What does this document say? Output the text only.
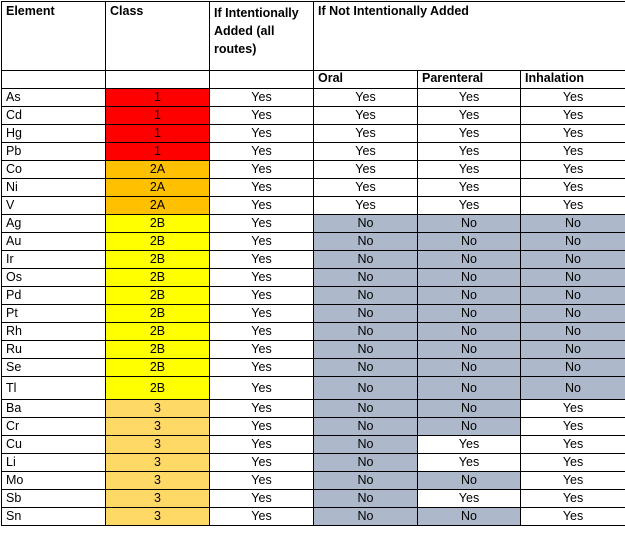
Element	Class	If Intentionally Added (all routes)	If Not Intentionally Added		
			Oral	Parenteral	Inhalation
As	1	Yes	Yes	Yes	Yes
Cd	1	Yes	Yes	Yes	Yes
Hg	1	Yes	Yes	Yes	Yes
Pb	1	Yes	Yes	Yes	Yes
Co	2A	Yes	Yes	Yes	Yes
Ni	2A	Yes	Yes	Yes	Yes
V	2A	Yes	Yes	Yes	Yes
Ag	2B	Yes	No	No	No
Au	2B	Yes	No	No	No
Ir	2B	Yes	No	No	No
Os	2B	Yes	No	No	No
Pd	2B	Yes	No	No	No
Pt	2B	Yes	No	No	No
Rh	2B	Yes	No	No	No
Ru	2B	Yes	No	No	No
Se	2B	Yes	No	No	No
Tl	2B	Yes	No	No	No
Ba	3	Yes	No	No	Yes
Cr	3	Yes	No	No	Yes
Cu	3	Yes	No	Yes	Yes
Li	3	Yes	No	Yes	Yes
Mo	3	Yes	No	No	Yes
Sb	3	Yes	No	Yes	Yes
Sn	3	Yes	No	No	Yes
